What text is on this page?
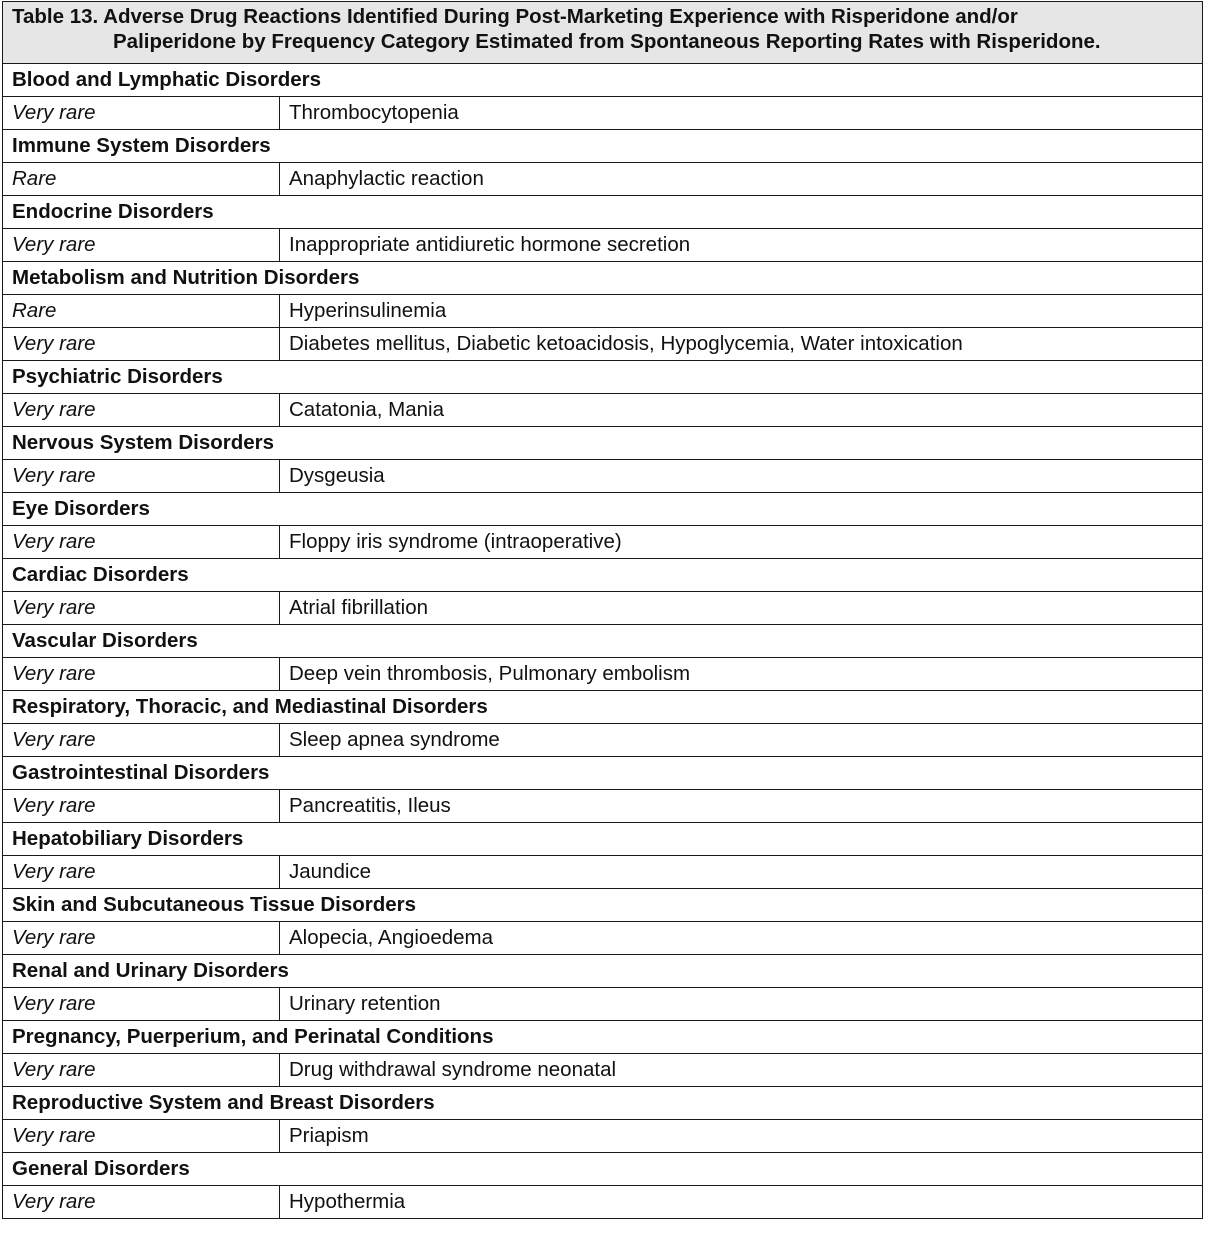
Table 13. Adverse Drug Reactions Identified During Post-Marketing Experience with Risperidone and/or
Paliperidone by Frequency Category Estimated from Spontaneous Reporting Rates with Risperidone.	

Blood and Lymphatic Disorders	
Very rare	Thrombocytopenia
Immune System Disorders	
Rare	Anaphylactic reaction
Endocrine Disorders	
Very rare	Inappropriate antidiuretic hormone secretion
Metabolism and Nutrition Disorders	
Rare	Hyperinsulinemia
Very rare	Diabetes mellitus, Diabetic ketoacidosis, Hypoglycemia, Water intoxication
Psychiatric Disorders	
Very rare	Catatonia, Mania
Nervous System Disorders	
Very rare	Dysgeusia
Eye Disorders	
Very rare	Floppy iris syndrome (intraoperative)
Cardiac Disorders	
Very rare	Atrial fibrillation
Vascular Disorders	
Very rare	Deep vein thrombosis, Pulmonary embolism
Respiratory, Thoracic, and Mediastinal Disorders	
Very rare	Sleep apnea syndrome
Gastrointestinal Disorders	
Very rare	Pancreatitis, Ileus
Hepatobiliary Disorders	
Very rare	Jaundice
Skin and Subcutaneous Tissue Disorders	
Very rare	Alopecia, Angioedema
Renal and Urinary Disorders	
Very rare	Urinary retention
Pregnancy, Puerperium, and Perinatal Conditions	
Very rare	Drug withdrawal syndrome neonatal
Reproductive System and Breast Disorders	
Very rare	Priapism
General Disorders	
Very rare	Hypothermia
